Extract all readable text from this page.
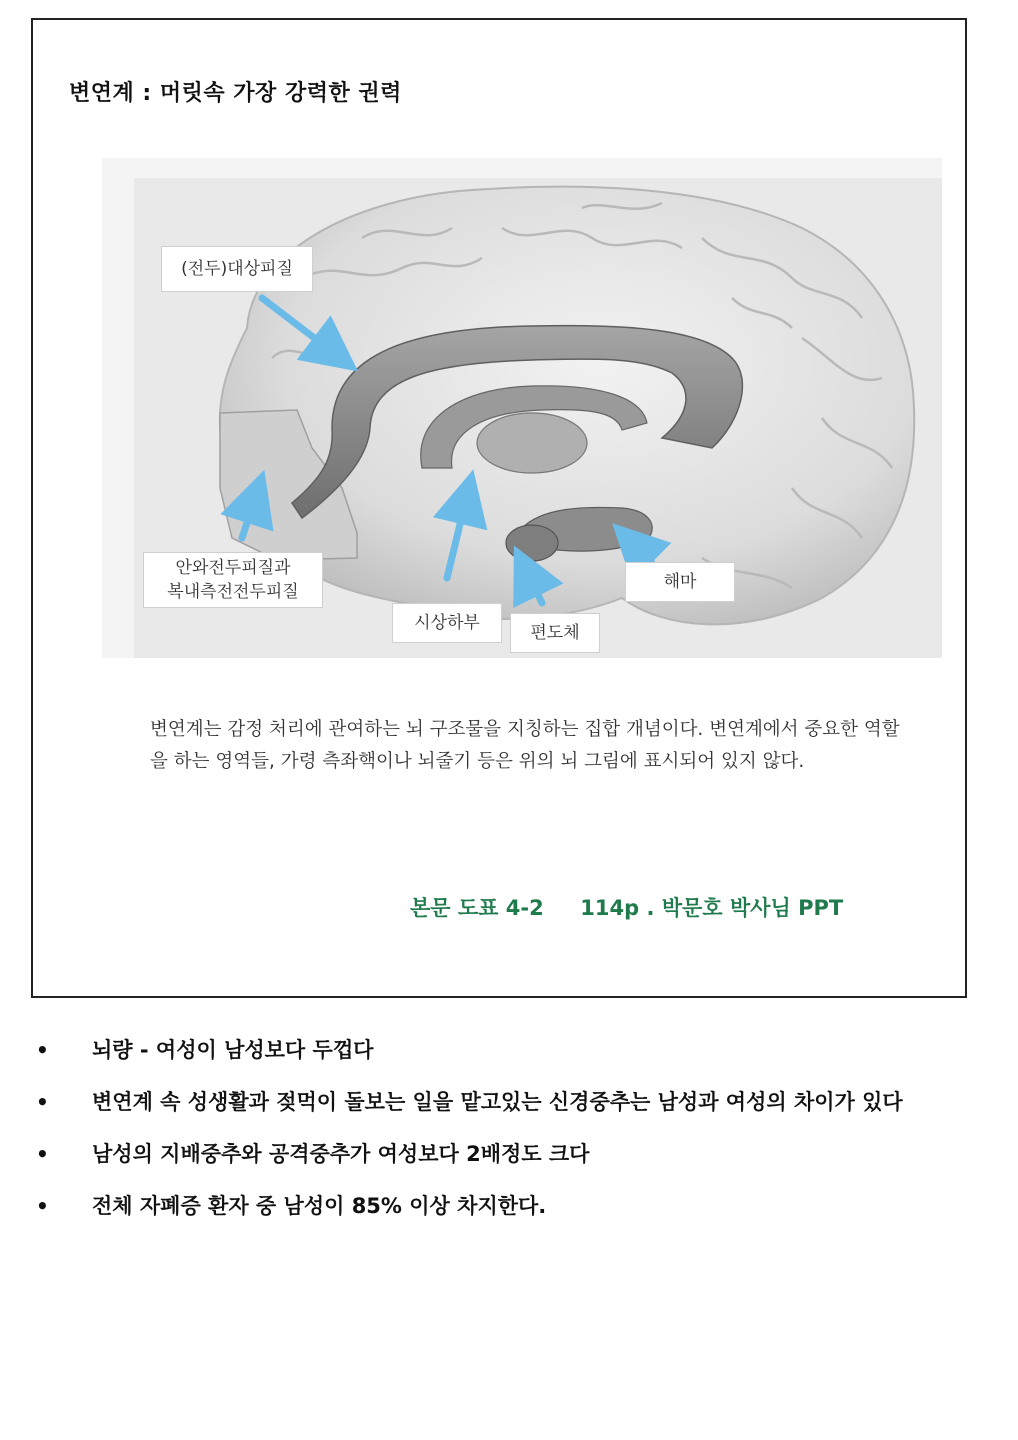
변연계 : 머릿속 가장 강력한 권력
(전두)대상피질
안와전두피질과
복내측전전두피질
시상하부	편도체
해마

변연계는 감정 처리에 관여하는 뇌 구조물을 지칭하는 집합 개념이다. 변연계에서 중요한 역할을 하는 영역들, 가령 측좌핵이나 뇌줄기 등은 위의 뇌 그림에 표시되어 있지 않다.

본문 도표 4-2     114p . 박문호 박사님 PPT

• 뇌량 - 여성이 남성보다 두껍다
• 변연계 속 성생활과 젖먹이 돌보는 일을 맡고있는 신경중추는 남성과 여성의 차이가 있다
• 남성의 지배중추와 공격중추가 여성보다 2배정도 크다
• 전체 자폐증 환자 중 남성이 85% 이상 차지한다.
